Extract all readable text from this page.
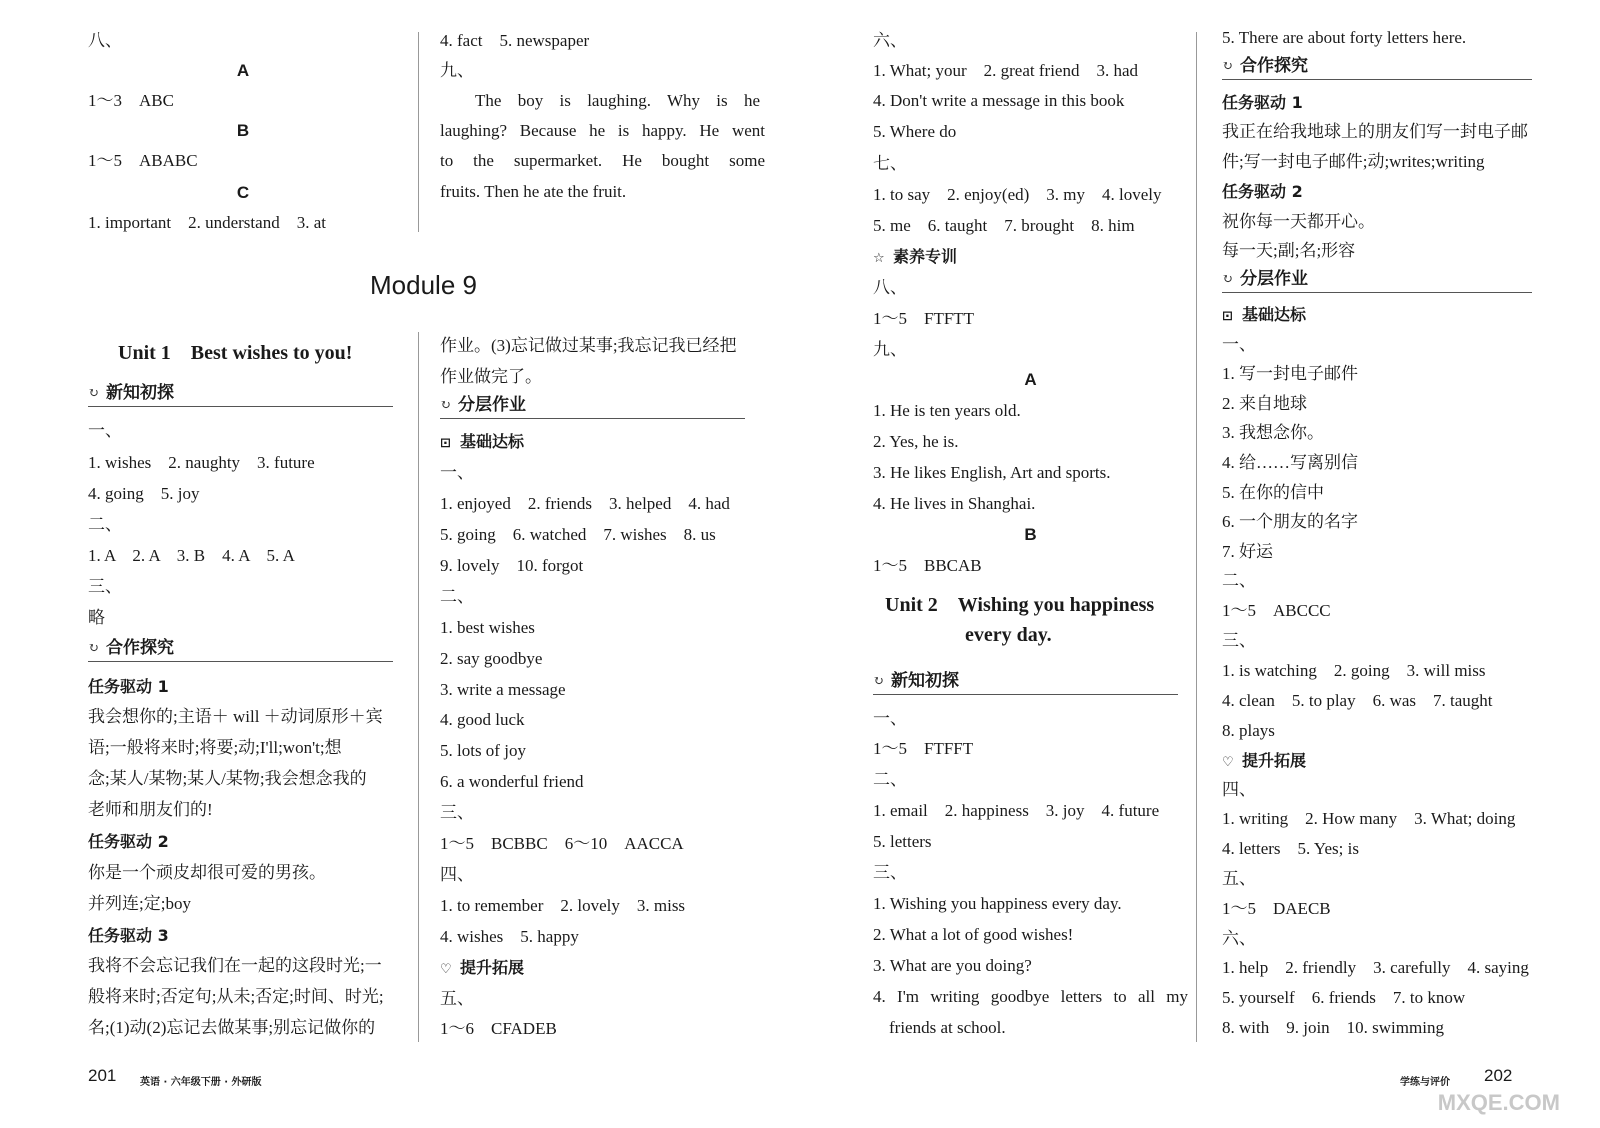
八、
A
1～3　ABC
B
1～5　ABABC
C
1. important　2. understand　3. at
↻ 新知初探
一、
1. wishes　2. naughty　3. future
4. going　5. joy
二、
1. A　2. A　3. B　4. A　5. A
三、
略
↻ 合作探究
任务驱动 1
我会想你的;主语＋ will ＋动词原形＋宾
语;一般将来时;将要;动;I'll;won't;想
念;某人/某物;某人/某物;我会想念我的
老师和朋友们的!
任务驱动 2
你是一个顽皮却很可爱的男孩。
并列连;定;boy
任务驱动 3
我将不会忘记我们在一起的这段时光;一
般将来时;否定句;从未;否定;时间、时光;
名;(1)动(2)忘记去做某事;别忘记做你的
4. fact　5. newspaper
九、
The boy is laughing. Why is he
laughing? Because he is happy. He went
to the supermarket. He bought some
fruits. Then he ate the fruit.
作业。(3)忘记做过某事;我忘记我已经把
作业做完了。
↻ 分层作业
⊡ 基础达标
一、
1. enjoyed　2. friends　3. helped　4. had
5. going　6. watched　7. wishes　8. us
9. lovely　10. forgot
二、
1. best wishes
2. say goodbye
3. write a message
4. good luck
5. lots of joy
6. a wonderful friend
三、
1～5　BCBBC　6～10　AACCA
四、
1. to remember　2. lovely　3. miss
4. wishes　5. happy
♡ 提升拓展
五、
1～6　CFADEB
Module 9
Unit 1　Best wishes to you!
六、
1. What; your　2. great friend　3. had
4. Don't write a message in this book
5. Where do
七、
1. to say　2. enjoy(ed)　3. my　4. lovely
5. me　6. taught　7. brought　8. him
☆ 素养专训
八、
1～5　FTFTT
九、
A
1. He is ten years old.
2. Yes, he is.
3. He likes English, Art and sports.
4. He lives in Shanghai.
B
1～5　BBCAB
Unit 2　Wishing you happiness
every day.
↻ 新知初探
一、
1～5　FTFFT
二、
1. email　2. happiness　3. joy　4. future
5. letters
三、
1. Wishing you happiness every day.
2. What a lot of good wishes!
3. What are you doing?
4. I'm writing goodbye letters to all my
friends at school.
5. There are about forty letters here.
↻ 合作探究
任务驱动 1
我正在给我地球上的朋友们写一封电子邮
件;写一封电子邮件;动;writes;writing
任务驱动 2
祝你每一天都开心。
每一天;副;名;形容
↻ 分层作业
⊡ 基础达标
一、
1. 写一封电子邮件
2. 来自地球
3. 我想念你。
4. 给……写离别信
5. 在你的信中
6. 一个朋友的名字
7. 好运
二、
1～5　ABCCC
三、
1. is watching　2. going　3. will miss
4. clean　5. to play　6. was　7. taught
8. plays
♡ 提升拓展
四、
1. writing　2. How many　3. What; doing
4. letters　5. Yes; is
五、
1～5　DAECB
六、
1. help　2. friendly　3. carefully　4. saying
5. yourself　6. friends　7. to know
8. with　9. join　10. swimming
201 英语 · 六年级下册 · 外研版	学练与评价 202
MXQE.COM
